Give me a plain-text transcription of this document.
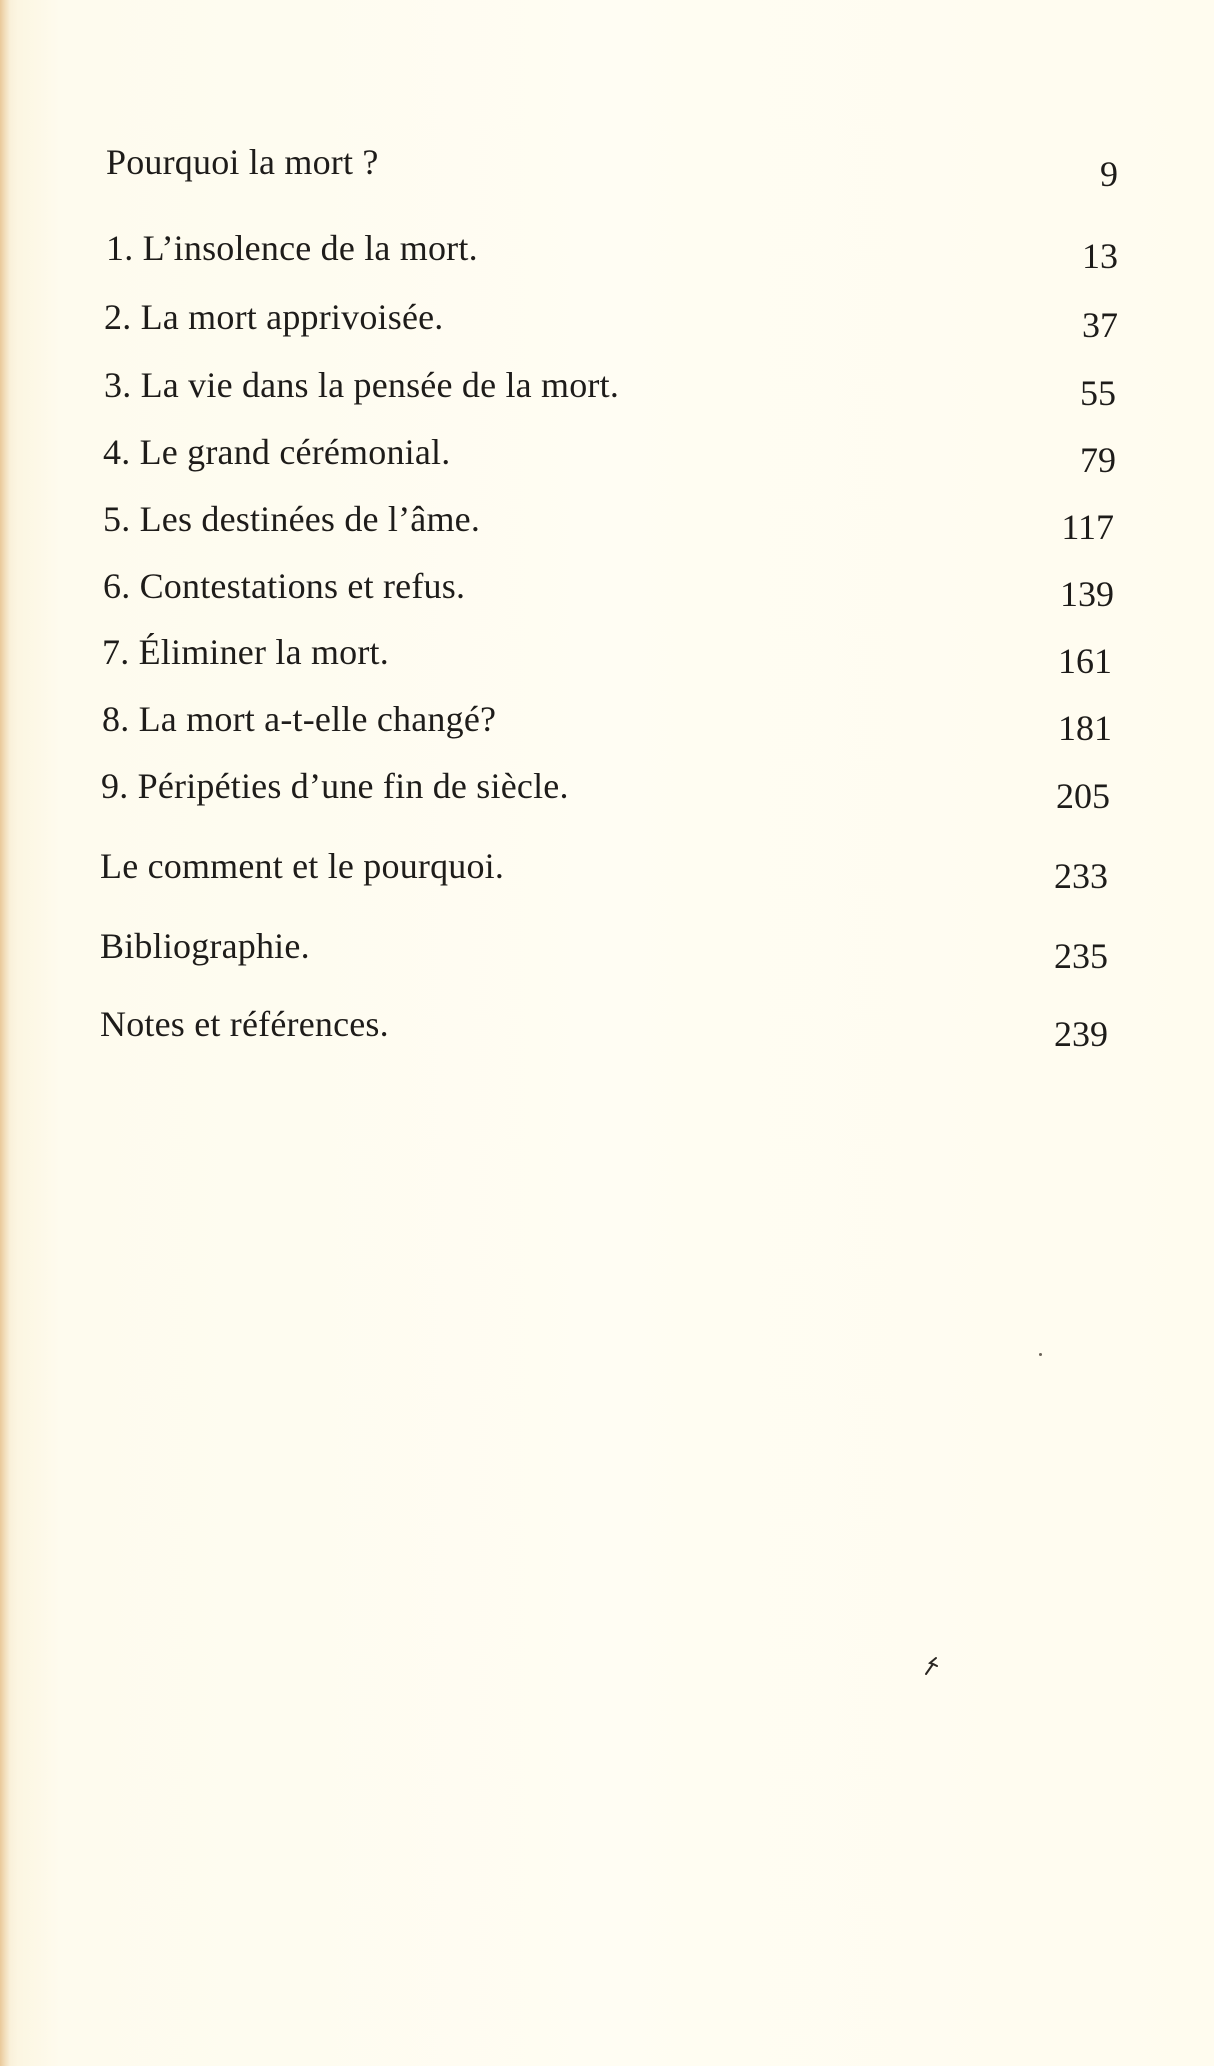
Pourquoi la mort ?	9
1. L’insolence de la mort.	13
2. La mort apprivoisée.	37
3. La vie dans la pensée de la mort.	55
4. Le grand cérémonial.	79
5. Les destinées de l’âme.	117
6. Contestations et refus.	139
7. Éliminer la mort.	161
8. La mort a-t-elle changé?	181
9. Péripéties d’une fin de siècle.	205
Le comment et le pourquoi.	233
Bibliographie.	235
Notes et références.	239
